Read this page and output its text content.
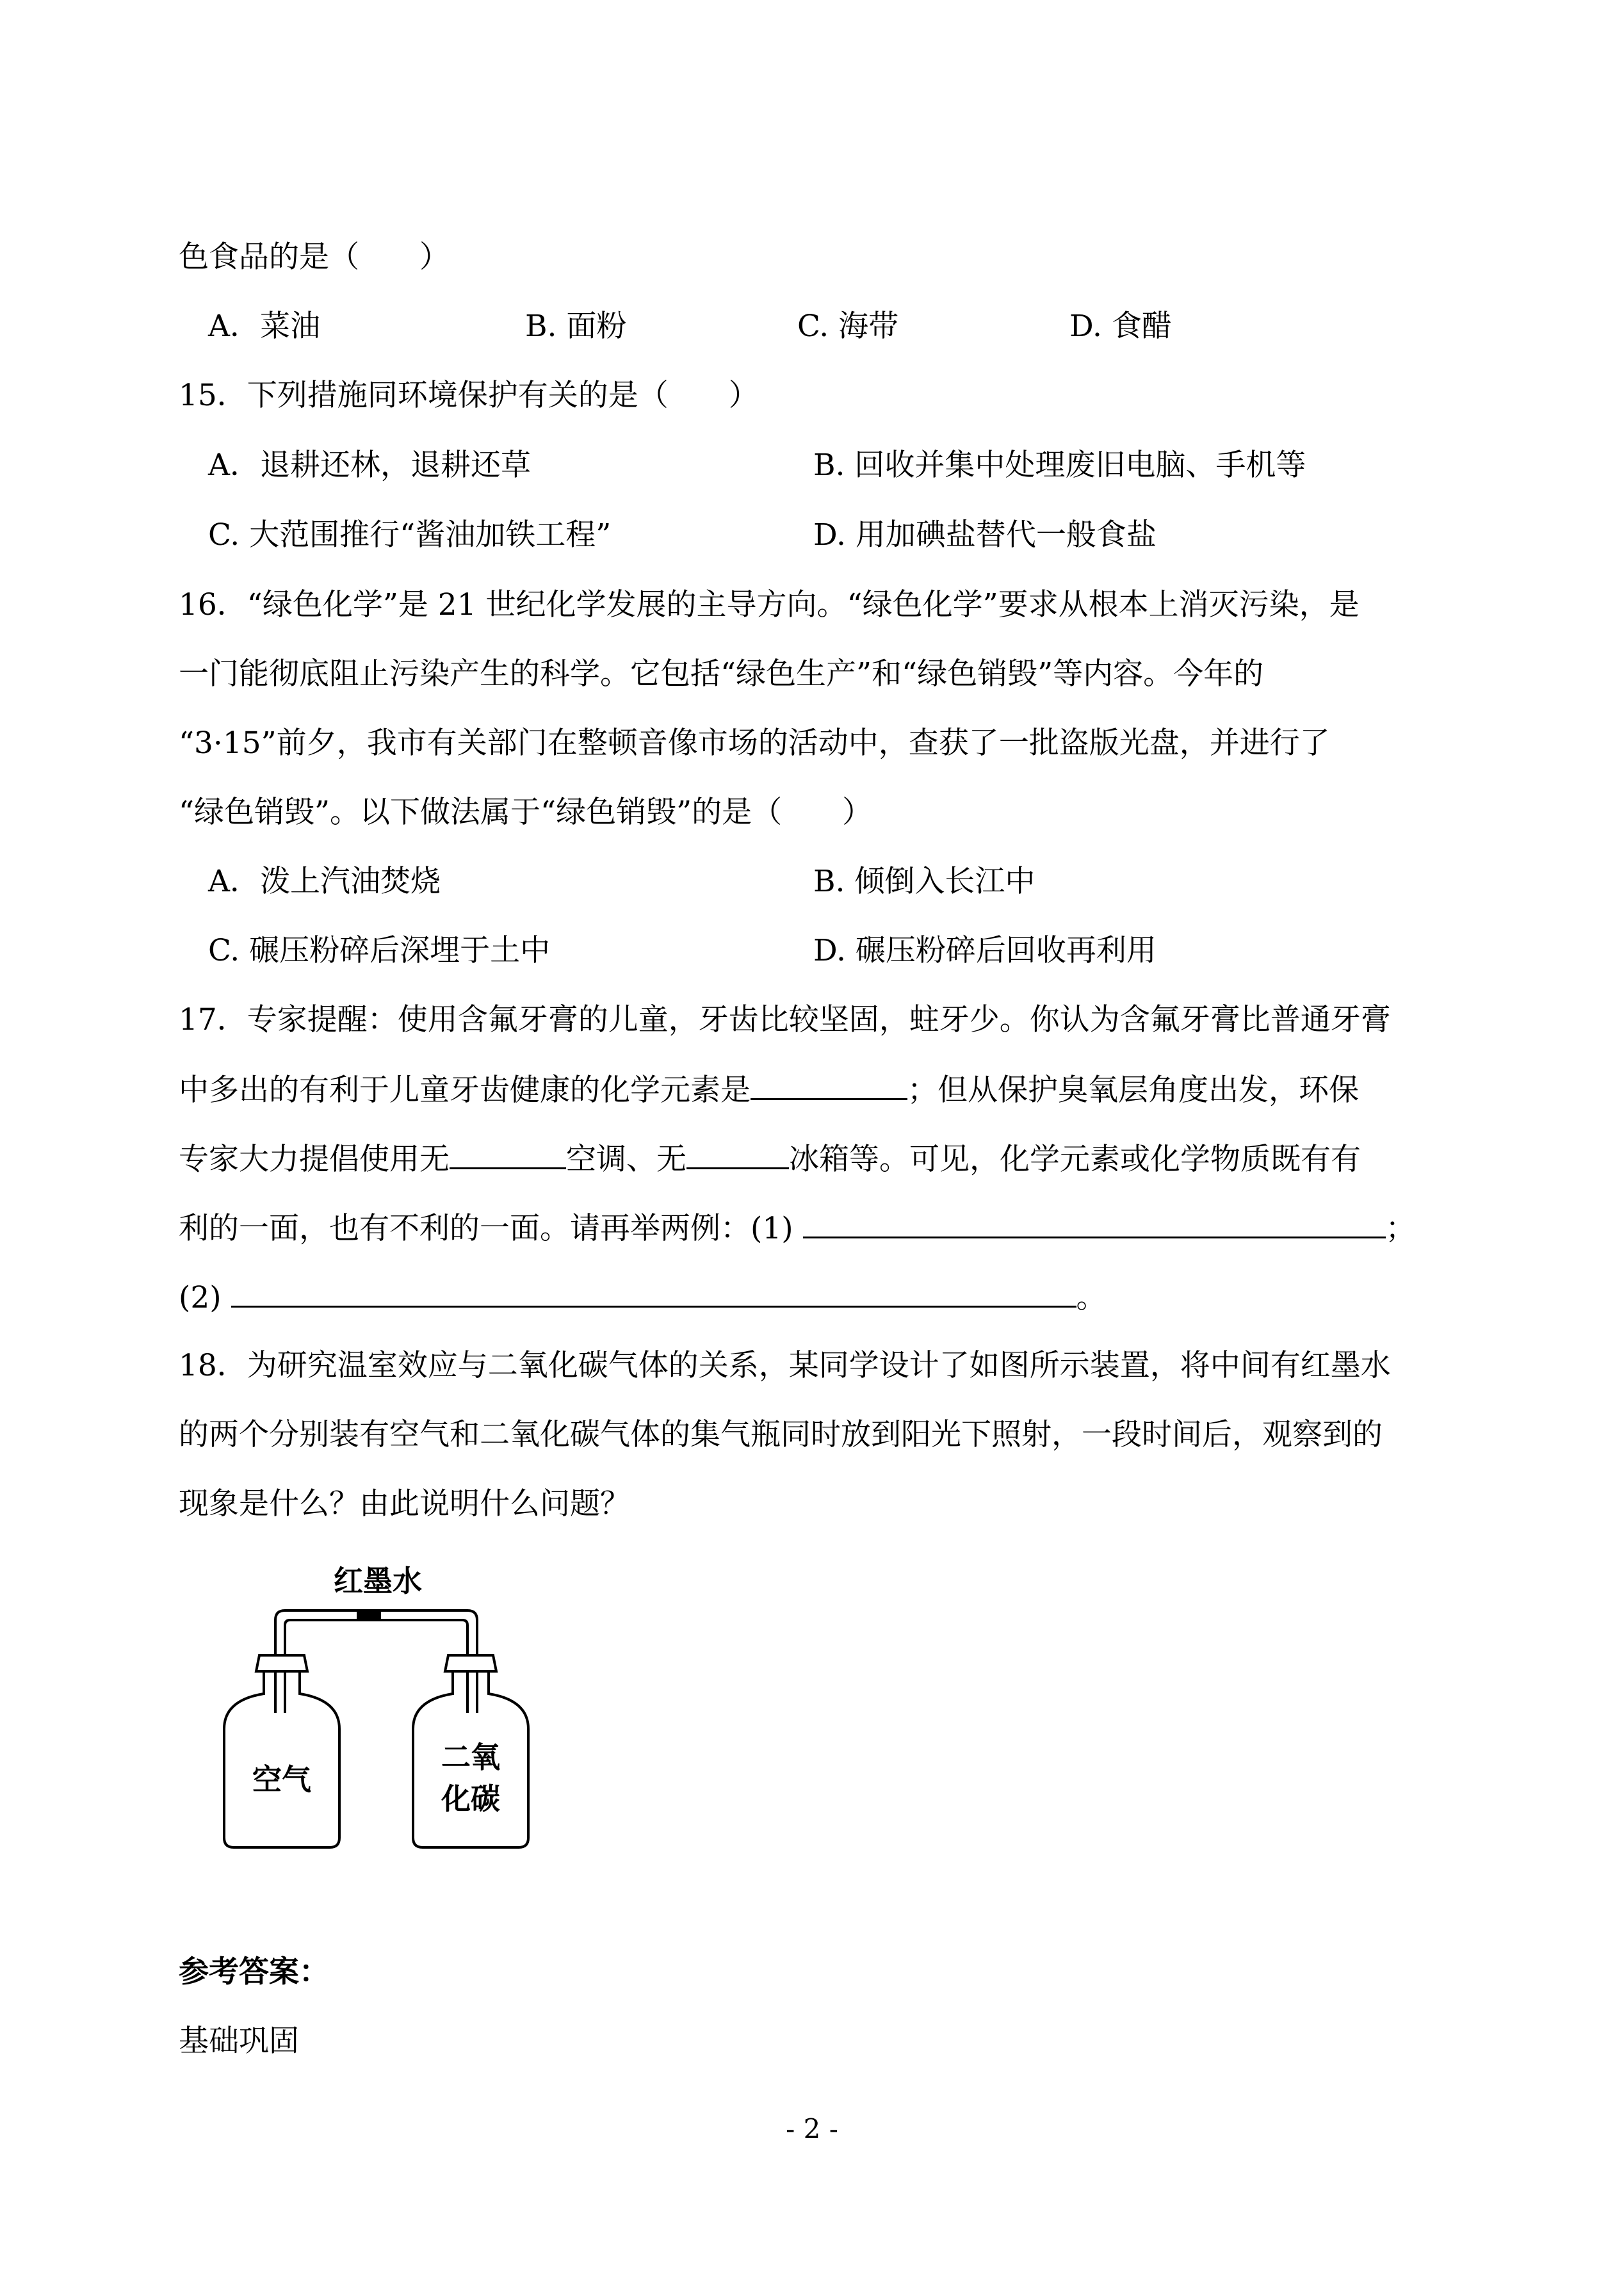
色食品的是（　　）
A．菜油	B. 面粉	C. 海带	D. 食醋
15．下列措施同环境保护有关的是（　　）
A．退耕还林，退耕还草	B. 回收并集中处理废旧电脑、手机等
C. 大范围推行“酱油加铁工程”	D. 用加碘盐替代一般食盐
16．“绿色化学”是 21 世纪化学发展的主导方向。“绿色化学”要求从根本上消灭污染，是
一门能彻底阻止污染产生的科学。它包括“绿色生产”和“绿色销毁”等内容。今年的
“3·15”前夕，我市有关部门在整顿音像市场的活动中，查获了一批盗版光盘，并进行了
“绿色销毁”。以下做法属于“绿色销毁”的是（　　）
A．泼上汽油焚烧	B. 倾倒入长江中
C. 碾压粉碎后深埋于土中	D. 碾压粉碎后回收再利用
17．专家提醒：使用含氟牙膏的儿童，牙齿比较坚固，蛀牙少。你认为含氟牙膏比普通牙膏
中多出的有利于儿童牙齿健康的化学元素是	；但从保护臭氧层角度出发，环保
专家大力提倡使用无	空调、无	冰箱等。可见，化学元素或化学物质既有有
利的一面，也有不利的一面。请再举两例：(1)	；
(2)	。
18．为研究温室效应与二氧化碳气体的关系，某同学设计了如图所示装置，将中间有红墨水
的两个分别装有空气和二氧化碳气体的集气瓶同时放到阳光下照射，一段时间后，观察到的
现象是什么？由此说明什么问题？
红墨水
空气
二氧
化碳
参考答案：
基础巩固
- 2 -
